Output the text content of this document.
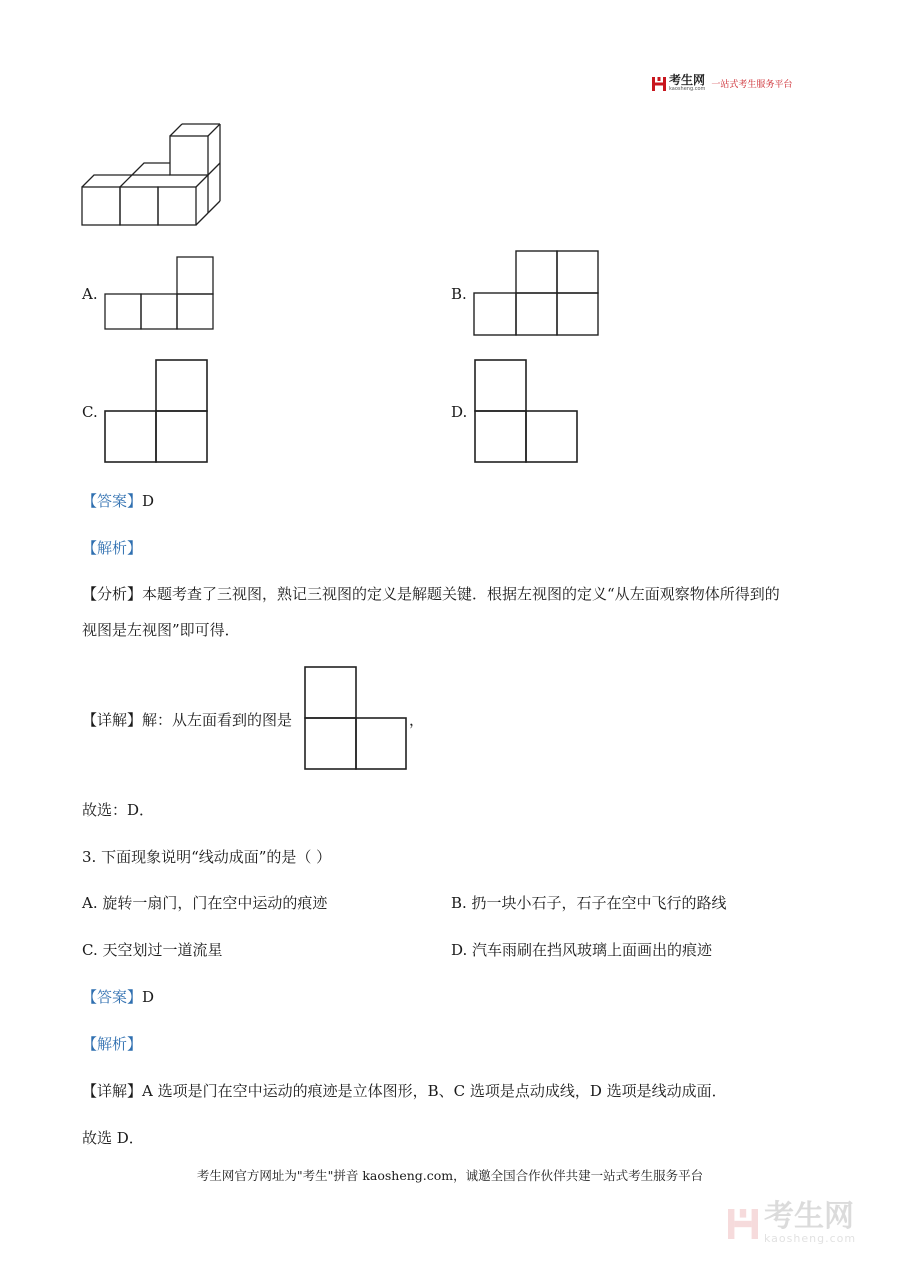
考生网
kaosheng.com 一站式考生服务平台
A.	B.
C.	D.
【答案】D
【解析】
【分析】本题考查了三视图，熟记三视图的定义是解题关键．根据左视图的定义“从左面观察物体所得到的
视图是左视图”即可得．
【详解】解：从左面看到的图是	，
故选：D．
3. 下面现象说明“线动成面”的是（ ）
A. 旋转一扇门，门在空中运动的痕迹	B. 扔一块小石子，石子在空中飞行的路线
C. 天空划过一道流星	D. 汽车雨刷在挡风玻璃上面画出的痕迹
【答案】D
【解析】
【详解】A 选项是门在空中运动的痕迹是立体图形，B、C 选项是点动成线，D 选项是线动成面．
故选 D．
考生网官方网址为"考生"拼音 kaosheng.com，诚邀全国合作伙伴共建一站式考生服务平台
考生网
kaosheng.com
